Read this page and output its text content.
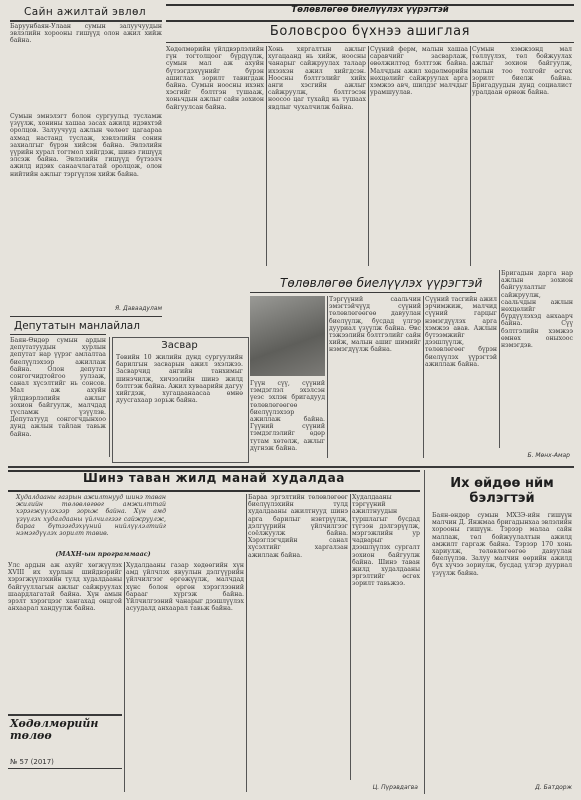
Сайн ажилтай эвлөл
Баруунбаян-Улаан сумын залуучуудын эвлэлийн хорооны гишүүд олон ажил хийж байна.
Сумын эмнэлэгт болон сургуульд тусламж үзүүлж, хонины хашаа засах ажилд идэвхтэй оролцов. Залуучууд ажлын чөлөөт цагаараа ахмад настанд туслаж, хэвлэлийн сонин захиалгыг бүрэн хийсэн байна. Эвлэлийн үүрийн хурал тогтмол хийгдэж, шинэ гишүүд элсэж байна. Эвлэлийн гишүүд бүтээлч ажилд идэвх санаачлагатай оролцож, олон нийтийн ажлыг тэргүүлэн хийж байна.
Я. Даваадулам
Депутатын манлайлал
Баян-Өндөр сумын ардын депутатуудын хурлын депутат нар үүрэг амлалтаа биелүүлэхээр ажиллаж байна. Олон депутат сонгогчидтойгоо уулзаж, санал хүсэлтийг нь сонсов. Мал аж ахуйн үйлдвэрлэлийн ажлыг зохион байгуулж, малчдад тусламж үзүүлэв. Депутатууд сонгогчдынхоо дунд ажлын тайлан тавьж байна.
Засвар
Төвийн 10 жилийн дунд сургуулийн барилгын засварын ажил эхэлжээ. Засварчид ангийн танхимыг шинэчилж, хичээлийн шинэ жилд бэлтгэж байна. Ажил хуваарийн дагуу хийгдэж, хугацаанаасаа өмнө дуусгахаар зорьж байна.
Төлөвлөгөө биелүүлэх үүрэгтэй
Боловсроо бүхнээ ашиглая
Хөдөлмөрийн үйлдвэрлэлийн гүн тогтолцоог бүрдүүлж, сумын мал аж ахуйн бүтээгдэхүүнийг бүрэн ашиглах зорилт тавигдаж байна. Сумын ноосны ихэнх хэсгийг бэлтгэн тушааж, хоньчдын ажлыг сайн зохион байгуулсан байна.
Хонь хяргалтын ажлыг хугацаанд нь хийж, ноосны чанарыг сайжруулах талаар ихээхэн ажил хийгдсэн. Ноосны бэлтгэлийг хийх анги хэсгийн ажлыг сайжруулж, бэлтгэсэн ноосоо цаг тухайд нь тушаах явдлыг чухалчилж байна.
Сүүний ферм, малын хашаа саравчийг засварлаж, өвөлжилтөд бэлтгэж байна. Малчдын ажил хөдөлмөрийн нөхцөлийг сайжруулах арга хэмжээ авч, шилдэг малчдыг урамшуулав.
Сумын хэмжээнд мал төллүүлэх, төл бойжуулах ажлыг зохион байгуулж, малын тоо толгойг өсгөх зорилт биелж байна. Бригадуудын дунд социалист уралдаан өрнөж байна.
Төлөвлөгөө биелүүлэх үүрэгтэй
Гүүн сүү, сүүний тэмдэглэл эхэлсэн үеэс эхлэн бригадууд төлөвлөгөөгөө биелүүлэхээр ажиллаж байна. Гүүний сүүний тэмдэглэлийг өдөр тутам хөтөлж, ажлыг дүгнэж байна.
Тэргүүний саальчин эмэгтэйчүүд сүүний төлөвлөгөөгөө давуулан биелүүлж, бусдад үлгэр дууриал үзүүлж байна. Өвс тэжээлийн бэлтгэлийг сайн хийж, малын ашиг шимийг нэмэгдүүлж байна.
Сүүний тасгийн ажил эрчимжиж, малчид сүүний гарцыг нэмэгдүүлэх арга хэмжээ авав. Ажлын бүтээмжийг дээшлүүлж, төлөвлөгөөг бүрэн биелүүлэх үүрэгтэй ажиллаж байна.
Бригадын дарга нар ажлын зохион байгуулалтыг сайжруулж, саальчдын ажлын нөхцөлийг бүрдүүлэхэд анхаарч байна. Сүү бэлтгэлийн хэмжээ өмнөх оныхоос нэмэгдэв.
Б. Мөнх-Амар
Шинэ таван жилд манай худалдаа
Худалдааны газрын ажилтнууд шинэ таван жилийн төлөвлөгөөг амжилттай хэрэгжүүлэхээр зорьж байна. Хүн амд үзүүлэх худалдааны үйлчилгээг сайжруулж, бараа бүтээгдэхүүний нийлүүлэлтийг нэмэгдүүлэх зорилт тавив.
(МАХН-ын программаас)
Улс ардын аж ахуйг хөгжүүлэх XVIII их хурлын шийдвэрийг хэрэгжүүлэхийн тулд худалдааны байгууллагын ажлыг сайжруулах шаардлагатай байна. Хүн амын эрэлт хэрэгцээг хангахад онцгой анхаарал хандуулж байна.
Худалдааны газар хөдөөгийн хүн амд үйлчлэх явуулын дэлгүүрийн үйлчилгээг өргөжүүлж, малчдад хүнс болон өргөн хэрэглээний барааг хүргэж байна. Үйлчилгээний чанарыг дээшлүүлэх асуудалд анхаарал тавьж байна.
Бараа эргэлтийн төлөвлөгөөг биелүүлэхийн тулд худалдааны ажилтнууд шинэ арга барилыг нэвтрүүлж, дэлгүүрийн үйлчилгээг соёлжуулж байна. Хэрэглэгчдийн санал хүсэлтийг харгалзан ажиллаж байна.
Худалдааны тэргүүний ажилтнуудын туршлагыг бусдад түгээн дэлгэрүүлж, мэргэжлийн ур чадварыг дээшлүүлэх сургалт зохион байгуулж байна. Шинэ таван жилд худалдааны эргэлтийг өсгөх зорилт тавьжээ.
Ц. Пүрэвдагва
Хөдөлмөрийн төлөө
№ 57 (2017)
Их өйдөө нйм бэлэгтэй
Баян-өндөр сумын МХЗЭ-ийн гишүүн малчин Д. Янжмаа бригадынхаа эвлэлийн хорооны гишүүн. Тэрээр малаа сайн маллаж, төл бойжуулалтын ажилд амжилт гаргаж байна. Тэрээр 170 хонь хариулж, төлөвлөгөөгөө давуулан биелүүлэв. Залуу малчин өөрийн ажилд бүх хүчээ зориулж, бусдад үлгэр дууриал үзүүлж байна.
Д. Батдорж
